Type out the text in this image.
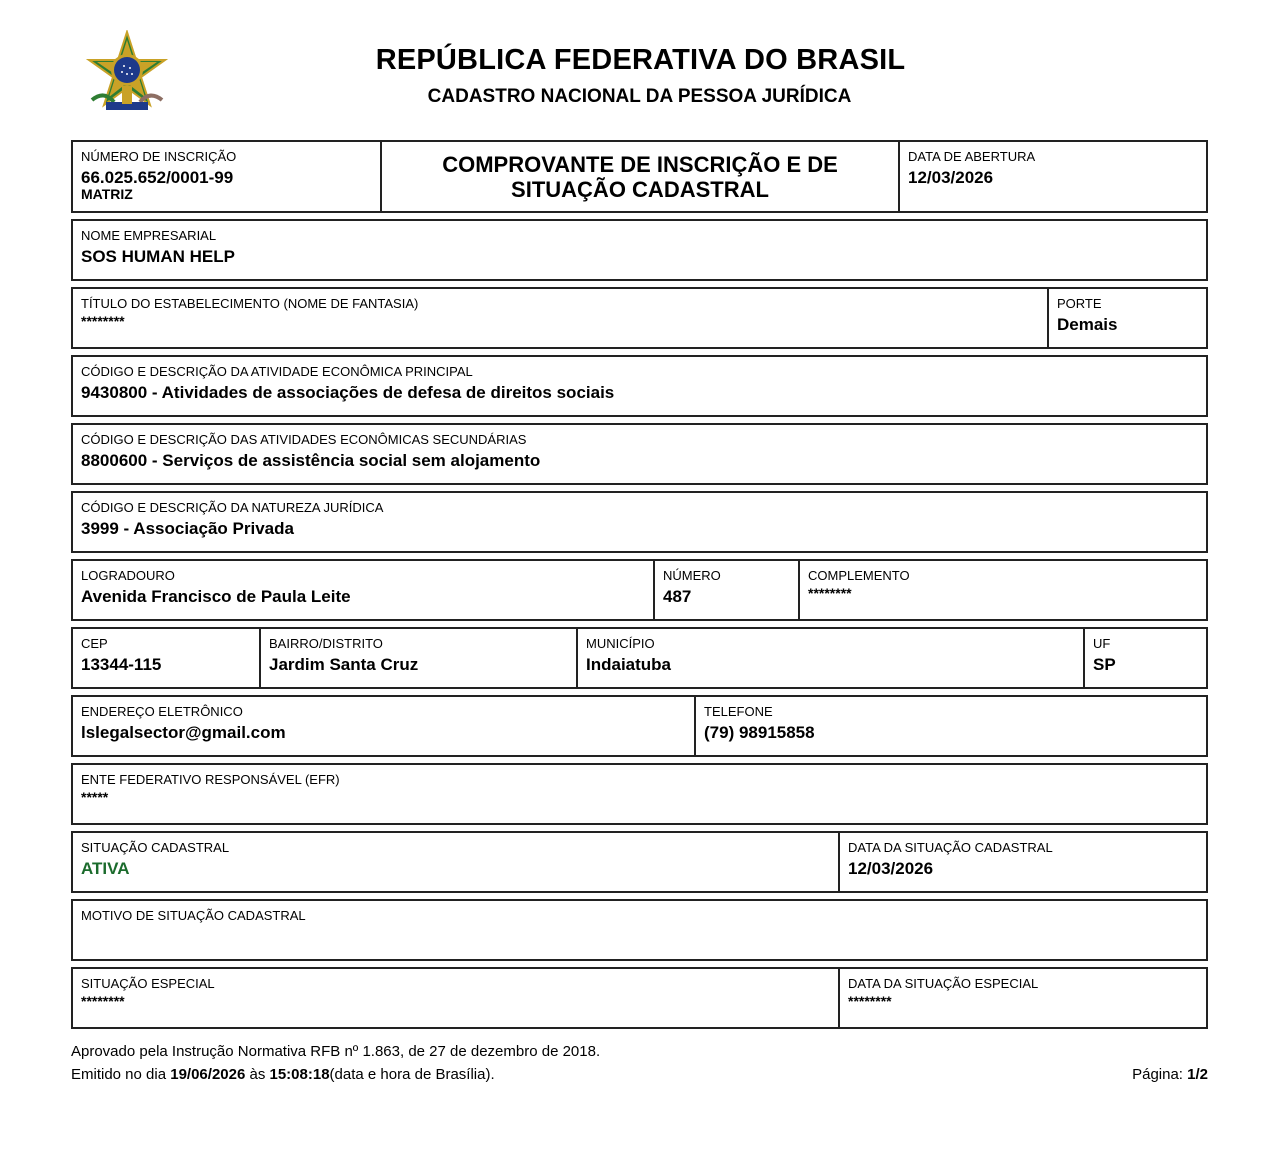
REPÚBLICA FEDERATIVA DO BRASIL
CADASTRO NACIONAL DA PESSOA JURÍDICA
NÚMERO DE INSCRIÇÃO
66.025.652/0001-99
MATRIZ
COMPROVANTE DE INSCRIÇÃO E DE
SITUAÇÃO CADASTRAL
DATA DE ABERTURA
12/03/2026
NOME EMPRESARIAL
SOS HUMAN HELP
TÍTULO DO ESTABELECIMENTO (NOME DE FANTASIA)
********
PORTE
Demais
CÓDIGO E DESCRIÇÃO DA ATIVIDADE ECONÔMICA PRINCIPAL
9430800 - Atividades de associações de defesa de direitos sociais
CÓDIGO E DESCRIÇÃO DAS ATIVIDADES ECONÔMICAS SECUNDÁRIAS
8800600 - Serviços de assistência social sem alojamento
CÓDIGO E DESCRIÇÃO DA NATUREZA JURÍDICA
3999 - Associação Privada
LOGRADOURO
Avenida Francisco de Paula Leite
NÚMERO
487
COMPLEMENTO
********
CEP
13344-115
BAIRRO/DISTRITO
Jardim Santa Cruz
MUNICÍPIO
Indaiatuba
UF
SP
ENDEREÇO ELETRÔNICO
lslegalsector@gmail.com
TELEFONE
(79) 98915858
ENTE FEDERATIVO RESPONSÁVEL (EFR)
*****
SITUAÇÃO CADASTRAL
ATIVA
DATA DA SITUAÇÃO CADASTRAL
12/03/2026
MOTIVO DE SITUAÇÃO CADASTRAL
SITUAÇÃO ESPECIAL
********
DATA DA SITUAÇÃO ESPECIAL
********
Aprovado pela Instrução Normativa RFB nº 1.863, de 27 de dezembro de 2018.
Emitido no dia 19/06/2026 às 15:08:18(data e hora de Brasília).	Página: 1/2
